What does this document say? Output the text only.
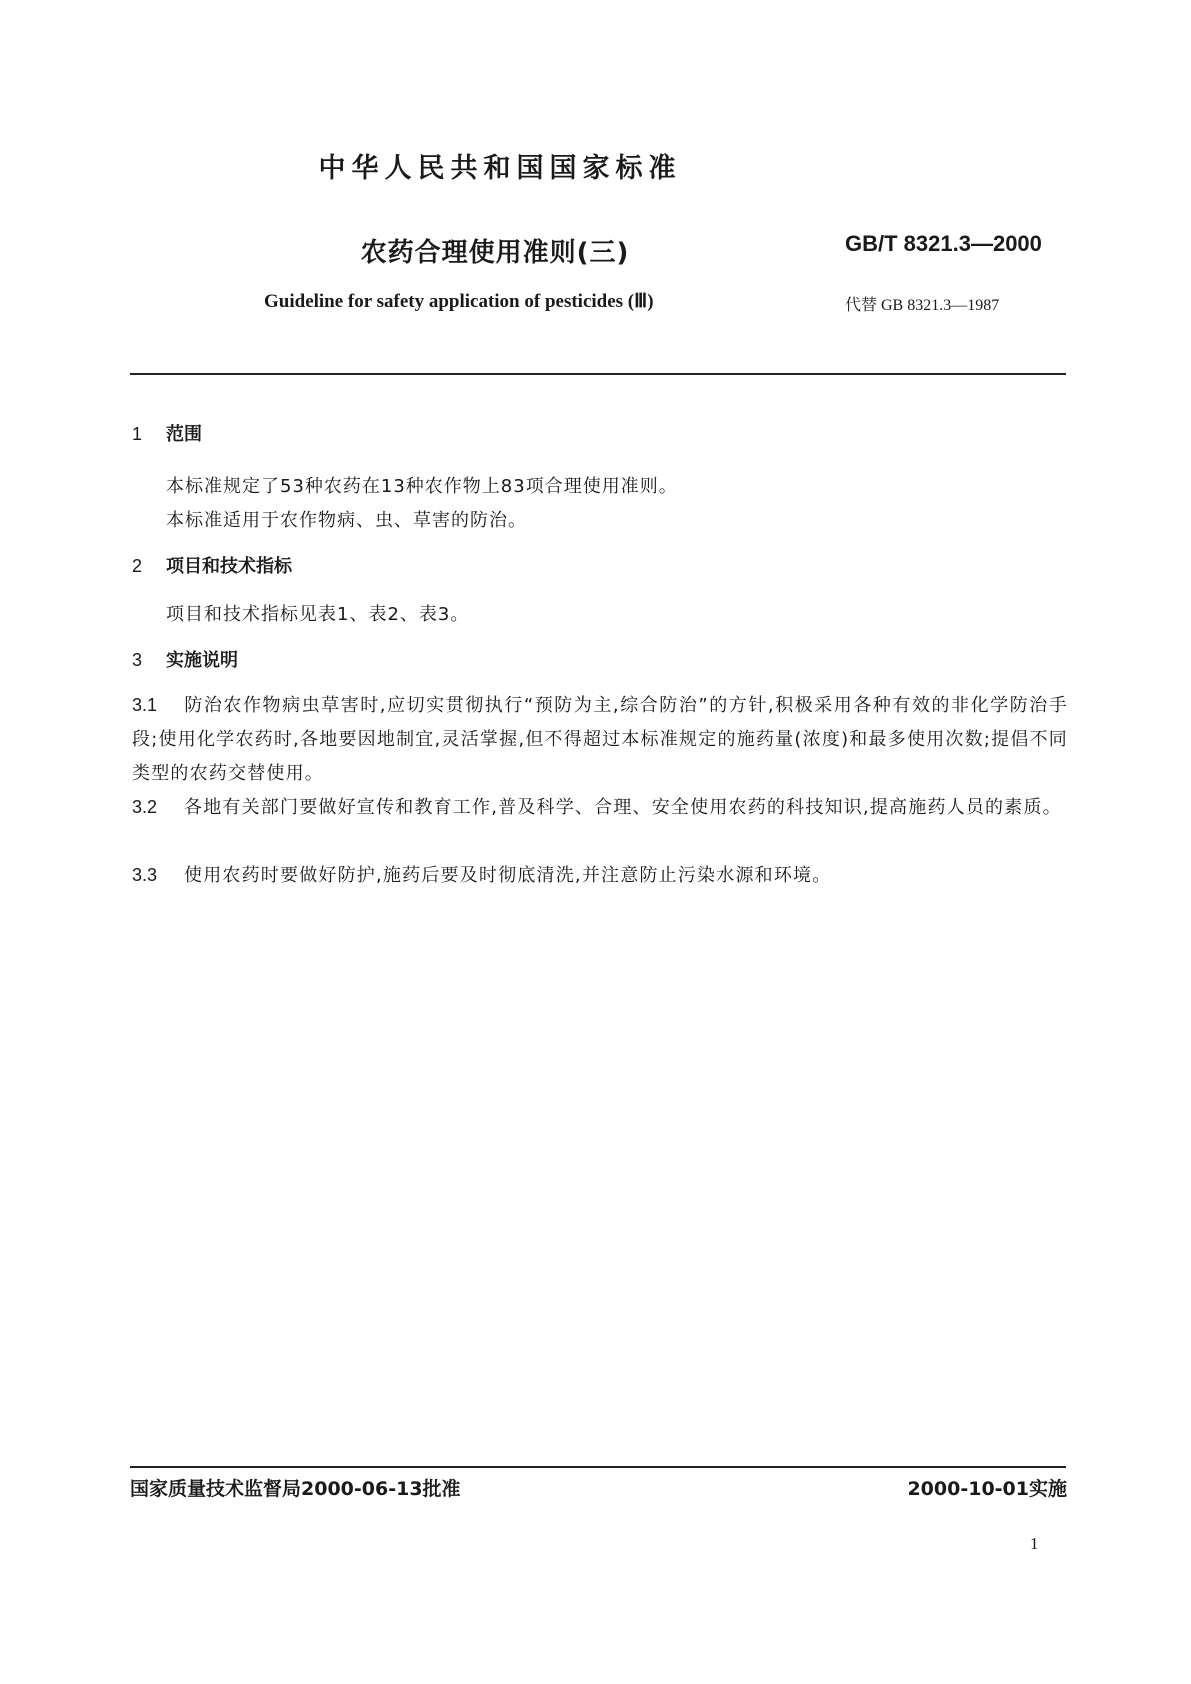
中华人民共和国国家标准
农药合理使用准则(三)	GB/T 8321.3—2000
Guideline for safety application of pesticides (Ⅲ)	代替 GB 8321.3—1987
1 范围
本标准规定了53种农药在13种农作物上83项合理使用准则。
本标准适用于农作物病、虫、草害的防治。
2 项目和技术指标
项目和技术指标见表1、表2、表3。
3 实施说明
3.1 防治农作物病虫草害时,应切实贯彻执行“预防为主,综合防治”的方针,积极采用各种有效的非化学防治手段;使用化学农药时,各地要因地制宜,灵活掌握,但不得超过本标准规定的施药量(浓度)和最多使用次数;提倡不同类型的农药交替使用。
3.2 各地有关部门要做好宣传和教育工作,普及科学、合理、安全使用农药的科技知识,提高施药人员的素质。
3.3 使用农药时要做好防护,施药后要及时彻底清洗,并注意防止污染水源和环境。
国家质量技术监督局2000-06-13批准	2000-10-01实施
1
